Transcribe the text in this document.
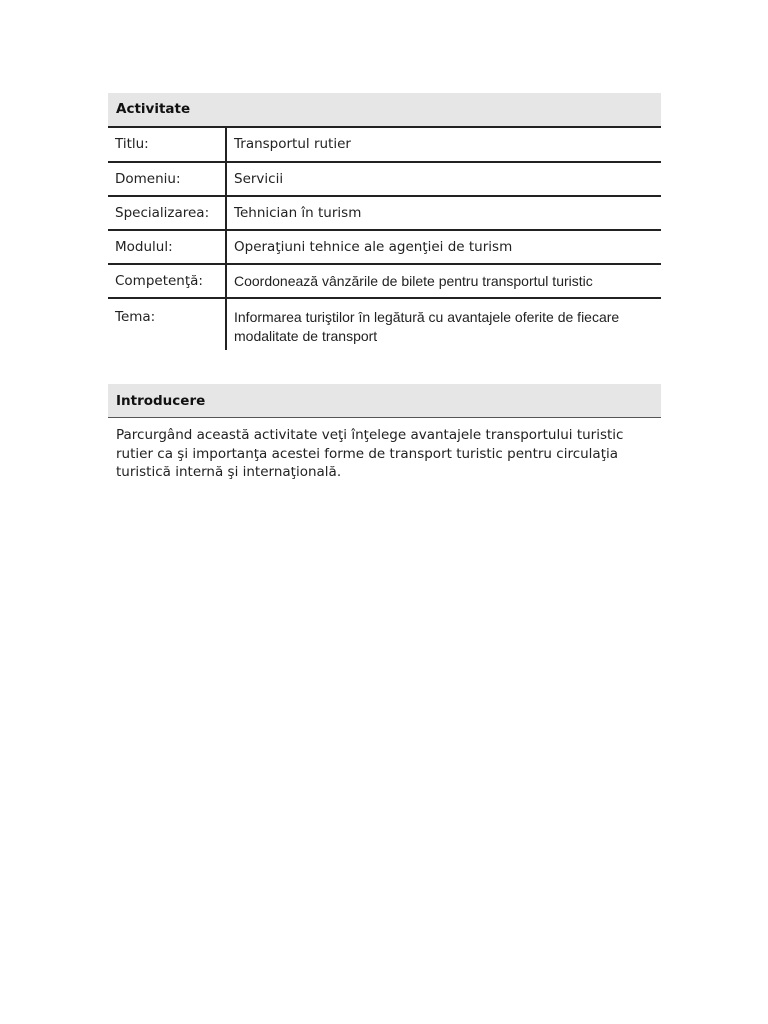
Activitate
Titlu:	Transportul rutier
Domeniu:	Servicii
Specializarea:	Tehnician în turism
Modulul:	Operaţiuni tehnice ale agenţiei de turism
Competenţă:	Coordonează vânzările de bilete pentru transportul turistic
Tema:	Informarea turiştilor în legătură cu avantajele oferite de fiecare modalitate de transport
Introducere
Parcurgând această activitate veţi înţelege avantajele transportului turistic rutier ca şi importanţa acestei forme de transport turistic pentru circulaţia turistică internă şi internaţională.
